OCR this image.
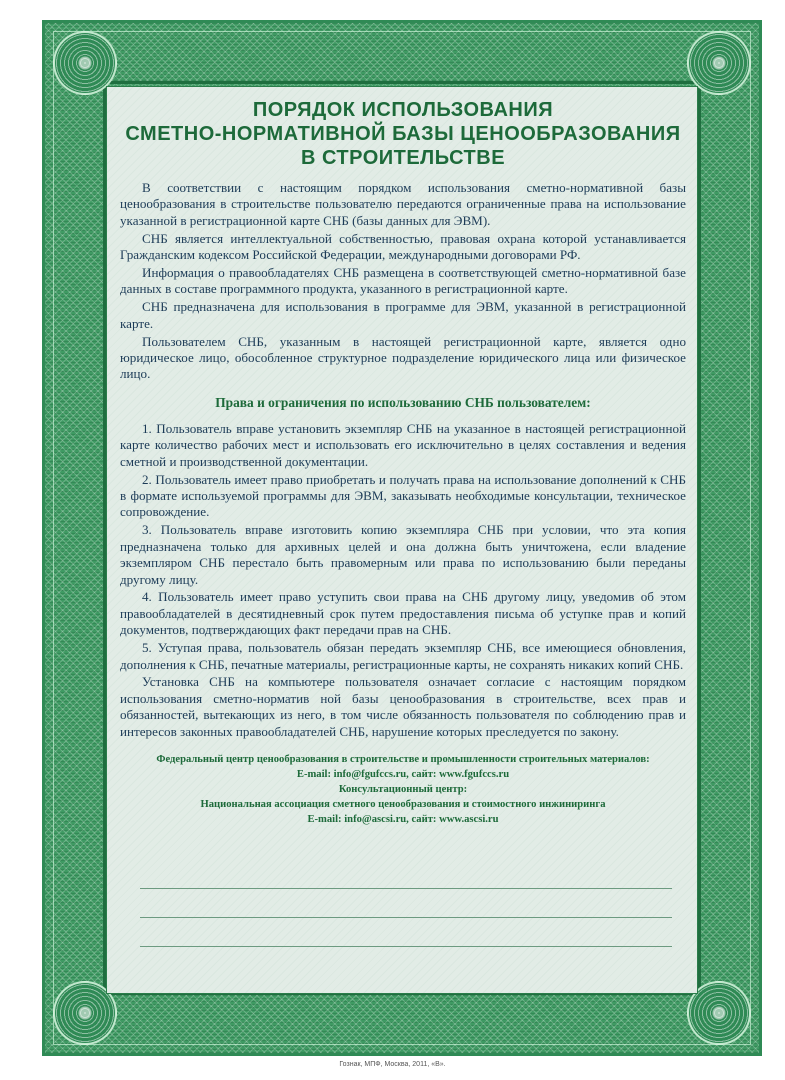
ПОРЯДОК ИСПОЛЬЗОВАНИЯ
СМЕТНО-НОРМАТИВНОЙ БАЗЫ ЦЕНООБРАЗОВАНИЯ
В СТРОИТЕЛЬСТВЕ

В соответствии с настоящим порядком использования сметно-нормативной базы ценообразования в строительстве пользователю передаются ограниченные права на использование указанной в регистрационной карте СНБ (базы данных для ЭВМ).

СНБ является интеллектуальной собственностью, правовая охрана которой устанавливается Гражданским кодексом Российской Федерации, международными договорами РФ.

Информация о правообладателях СНБ размещена в соответствующей сметно-нормативной базе данных в составе программного продукта, указанного в регистрационной карте.

СНБ предназначена для использования в программе для ЭВМ, указанной в регистрационной карте.

Пользователем СНБ, указанным в настоящей регистрационной карте, является одно юридическое лицо, обособленное структурное подразделение юридического лица или физическое лицо.

Права и ограничения по использованию СНБ пользователем:

1. Пользователь вправе установить экземпляр СНБ на указанное в настоящей регистрационной карте количество рабочих мест и использовать его исключительно в целях составления и ведения сметной и производственной документации.

2. Пользователь имеет право приобретать и получать права на использование дополнений к СНБ в формате используемой программы для ЭВМ, заказывать необходимые консультации, техническое сопровождение.

3. Пользователь вправе изготовить копию экземпляра СНБ при условии, что эта копия предназначена только для архивных целей и она должна быть уничтожена, если владение экземпляром СНБ перестало быть правомерным или права по использованию были переданы другому лицу.

4. Пользователь имеет право уступить свои права на СНБ другому лицу, уведомив об этом правообладателей в десятидневный срок путем предоставления письма об уступке прав и копий документов, подтверждающих факт передачи прав на СНБ.

5. Уступая права, пользователь обязан передать экземпляр СНБ, все имеющиеся обновления, дополнения к СНБ, печатные материалы, регистрационные карты, не сохранять никаких копий СНБ.

Установка СНБ на компьютере пользователя означает согласие с настоящим порядком использования сметно-норматив ной базы ценообразования в строительстве, всех прав и обязанностей, вытекающих из него, в том числе обязанность пользователя по соблюдению прав и интересов законных правообладателей СНБ, нарушение которых преследуется по закону.

Федеральный центр ценообразования в строительстве и промышленности строительных материалов:
E-mail: info@fgufccs.ru, сайт: www.fgufccs.ru
Консультационный центр:
Национальная ассоциация сметного ценообразования и стоимостного инжиниринга
E-mail: info@ascsi.ru, сайт: www.ascsi.ru
Гознак, МПФ, Москва, 2011, «В».
